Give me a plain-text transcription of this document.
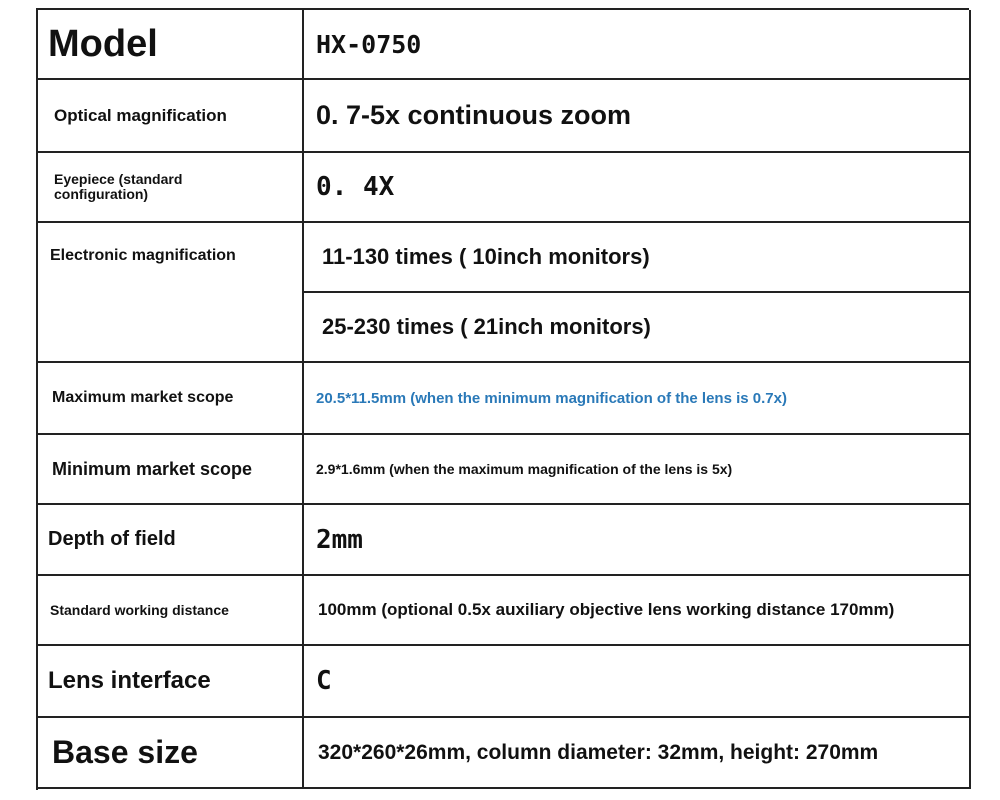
Model	HX-0750
Optical magnification	0. 7-5x continuous zoom
Eyepiece (standard configuration)	0. 4X
Electronic magnification	11-130 times ( 10inch monitors)
25-230 times ( 21inch monitors)
Maximum market scope	20.5*11.5mm (when the minimum magnification of the lens is 0.7x)
Minimum market scope	2.9*1.6mm (when the maximum magnification of the lens is 5x)
Depth of field	2mm
Standard working distance	100mm (optional 0.5x auxiliary objective lens working distance 170mm)
Lens interface	C
Base size	320*260*26mm, column diameter: 32mm, height: 270mm
